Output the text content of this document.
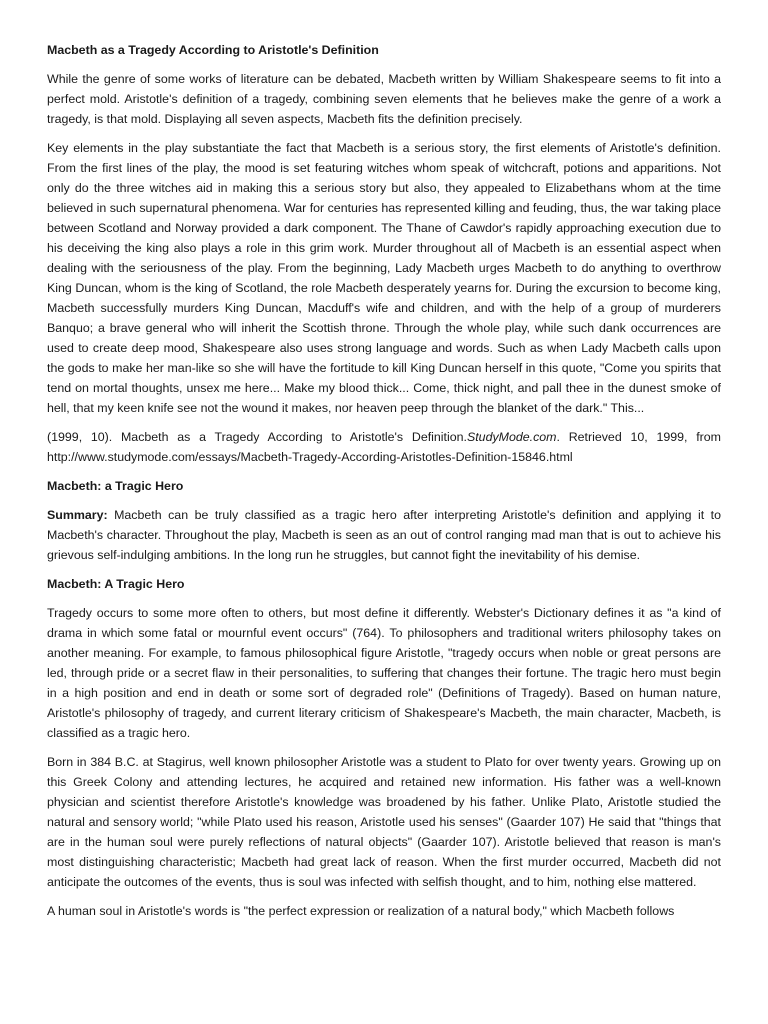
Macbeth as a Tragedy According to Aristotle's Definition
While the genre of some works of literature can be debated, Macbeth written by William Shakespeare seems to fit into a perfect mold. Aristotle's definition of a tragedy, combining seven elements that he believes make the genre of a work a tragedy, is that mold. Displaying all seven aspects, Macbeth fits the definition precisely.
Key elements in the play substantiate the fact that Macbeth is a serious story, the first elements of Aristotle's definition. From the first lines of the play, the mood is set featuring witches whom speak of witchcraft, potions and apparitions. Not only do the three witches aid in making this a serious story but also, they appealed to Elizabethans whom at the time believed in such supernatural phenomena. War for centuries has represented killing and feuding, thus, the war taking place between Scotland and Norway provided a dark component. The Thane of Cawdor's rapidly approaching execution due to his deceiving the king also plays a role in this grim work. Murder throughout all of Macbeth is an essential aspect when dealing with the seriousness of the play. From the beginning, Lady Macbeth urges Macbeth to do anything to overthrow King Duncan, whom is the king of Scotland, the role Macbeth desperately yearns for. During the excursion to become king, Macbeth successfully murders King Duncan, Macduff's wife and children, and with the help of a group of murderers Banquo; a brave general who will inherit the Scottish throne. Through the whole play, while such dank occurrences are used to create deep mood, Shakespeare also uses strong language and words. Such as when Lady Macbeth calls upon the gods to make her man-like so she will have the fortitude to kill King Duncan herself in this quote, "Come you spirits that tend on mortal thoughts, unsex me here... Make my blood thick... Come, thick night, and pall thee in the dunest smoke of hell, that my keen knife see not the wound it makes, nor heaven peep through the blanket of the dark." This...
(1999, 10). Macbeth as a Tragedy According to Aristotle's Definition.StudyMode.com. Retrieved 10, 1999, from http://www.studymode.com/essays/Macbeth-Tragedy-According-Aristotles-Definition-15846.html
Macbeth: a Tragic Hero
Summary: Macbeth can be truly classified as a tragic hero after interpreting Aristotle's definition and applying it to Macbeth's character. Throughout the play, Macbeth is seen as an out of control ranging mad man that is out to achieve his grievous self-indulging ambitions. In the long run he struggles, but cannot fight the inevitability of his demise.
Macbeth: A Tragic Hero
Tragedy occurs to some more often to others, but most define it differently. Webster's Dictionary defines it as "a kind of drama in which some fatal or mournful event occurs" (764). To philosophers and traditional writers philosophy takes on another meaning. For example, to famous philosophical figure Aristotle, "tragedy occurs when noble or great persons are led, through pride or a secret flaw in their personalities, to suffering that changes their fortune. The tragic hero must begin in a high position and end in death or some sort of degraded role" (Definitions of Tragedy). Based on human nature, Aristotle's philosophy of tragedy, and current literary criticism of Shakespeare's Macbeth, the main character, Macbeth, is classified as a tragic hero.
Born in 384 B.C. at Stagirus, well known philosopher Aristotle was a student to Plato for over twenty years. Growing up on this Greek Colony and attending lectures, he acquired and retained new information. His father was a well-known physician and scientist therefore Aristotle's knowledge was broadened by his father. Unlike Plato, Aristotle studied the natural and sensory world; "while Plato used his reason, Aristotle used his senses" (Gaarder 107) He said that "things that are in the human soul were purely reflections of natural objects" (Gaarder 107). Aristotle believed that reason is man's most distinguishing characteristic; Macbeth had great lack of reason. When the first murder occurred, Macbeth did not anticipate the outcomes of the events, thus is soul was infected with selfish thought, and to him, nothing else mattered.
A human soul in Aristotle's words is "the perfect expression or realization of a natural body," which Macbeth follows
